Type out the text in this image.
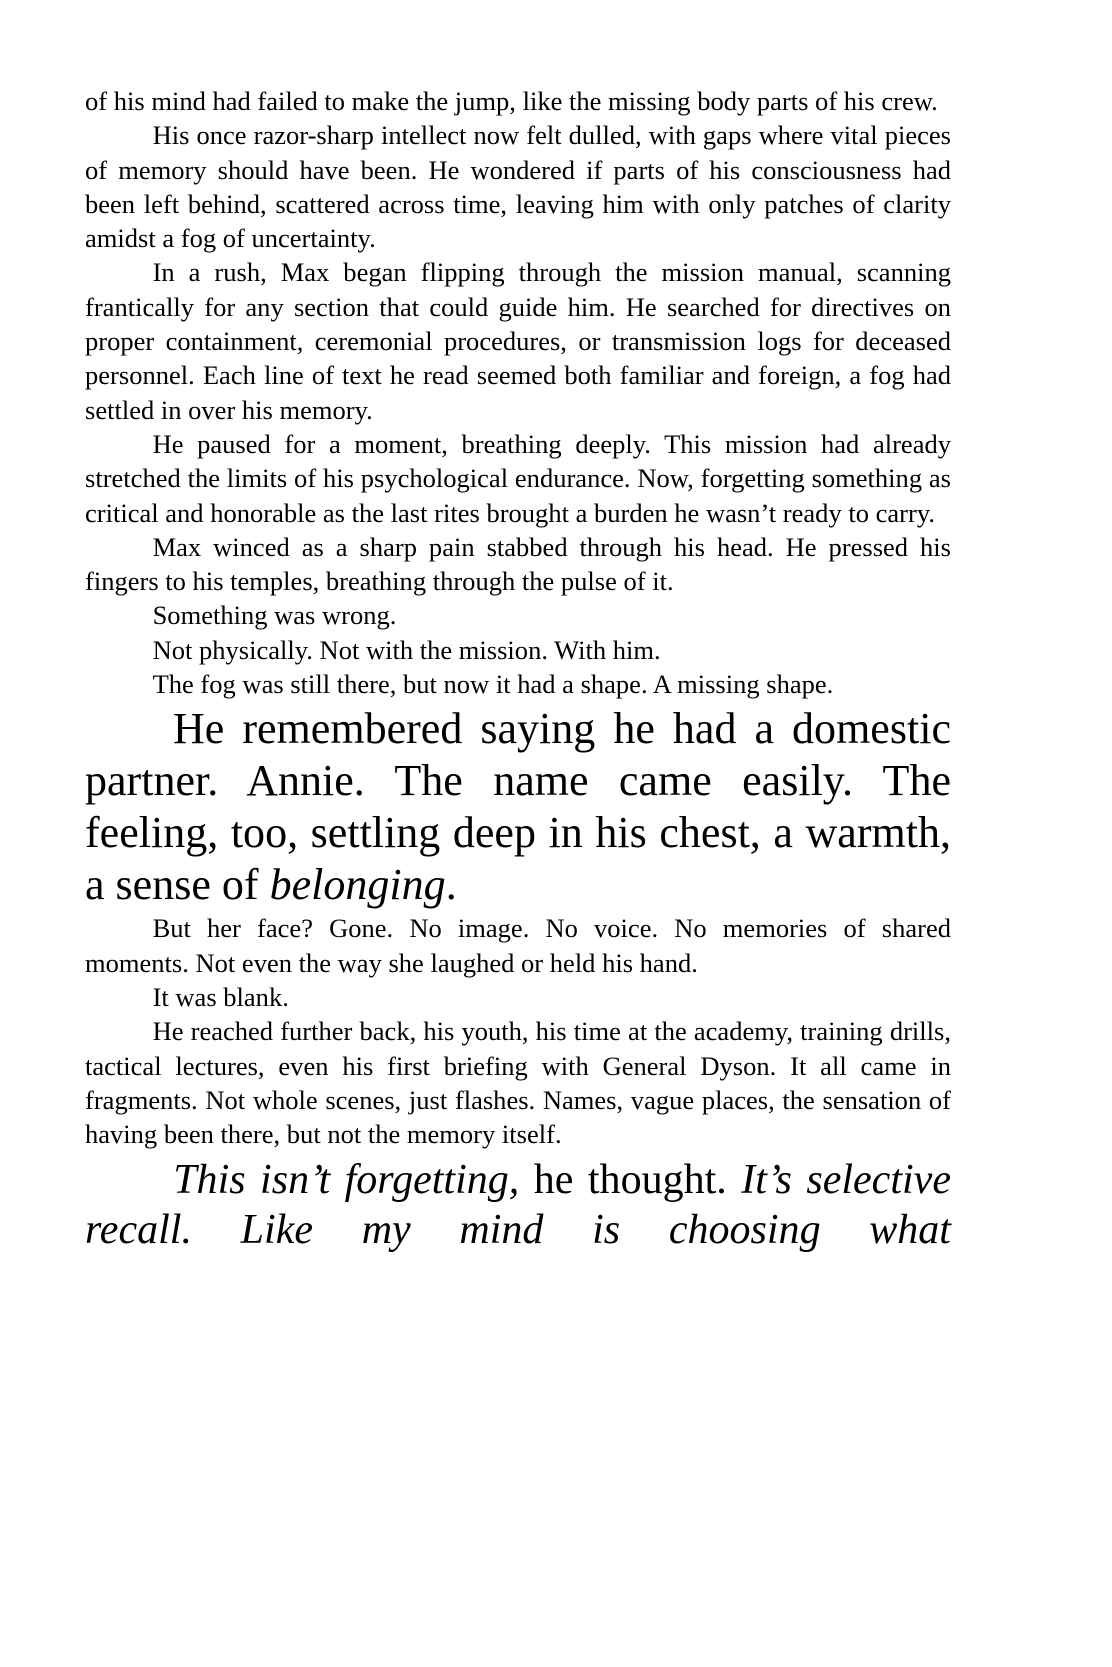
of his mind had failed to make the jump, like the missing body parts of his crew.

His once razor-sharp intellect now felt dulled, with gaps where vital pieces of memory should have been. He wondered if parts of his consciousness had been left behind, scattered across time, leaving him with only patches of clarity amidst a fog of uncertainty.

In a rush, Max began flipping through the mission manual, scanning frantically for any section that could guide him. He searched for directives on proper containment, ceremonial procedures, or transmission logs for deceased personnel. Each line of text he read seemed both familiar and foreign, a fog had settled in over his memory.

He paused for a moment, breathing deeply. This mission had already stretched the limits of his psychological endurance. Now, forgetting something as critical and honorable as the last rites brought a burden he wasn’t ready to carry.

Max winced as a sharp pain stabbed through his head. He pressed his fingers to his temples, breathing through the pulse of it.

Something was wrong.

Not physically. Not with the mission. With him.

The fog was still there, but now it had a shape. A missing shape.

He remembered saying he had a domestic partner. Annie. The name came easily. The feeling, too, settling deep in his chest, a warmth, a sense of belonging.

But her face? Gone. No image. No voice. No memories of shared moments. Not even the way she laughed or held his hand.

It was blank.

He reached further back, his youth, his time at the academy, training drills, tactical lectures, even his first briefing with General Dyson. It all came in fragments. Not whole scenes, just flashes. Names, vague places, the sensation of having been there, but not the memory itself.

This isn’t forgetting, he thought. It’s selective recall. Like my mind is choosing what
